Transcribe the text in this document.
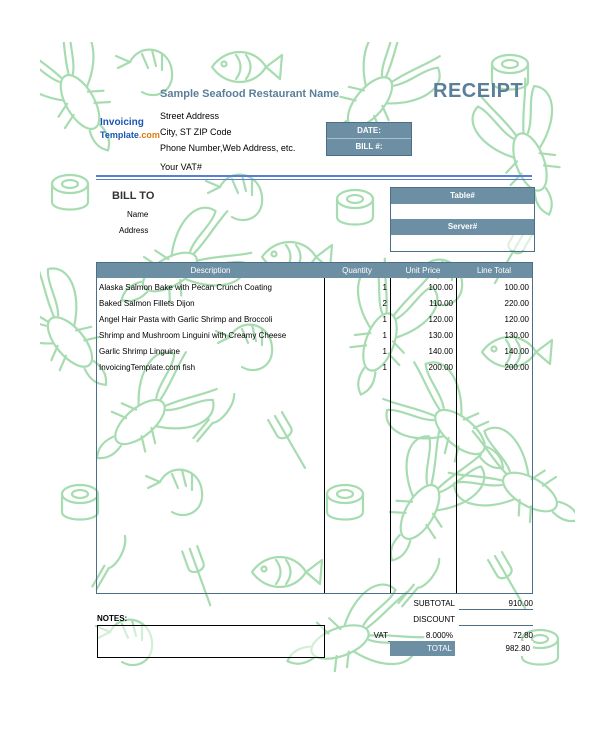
Sample Seafood Restaurant Name	RECEIPT
Invoicing
Template.com
Street Address
City, ST ZIP Code
Phone Number,Web Address, etc.
Your VAT#
DATE:
BILL #:
BILL TO
Name
Address
Table#
Server#
Description	Quantity	Unit Price	Line Total
Alaska Salmon Bake with Pecan Crunch Coating	1	100.00	100.00
Baked Salmon Fillets Dijon	2	110.00	220.00
Angel Hair Pasta with Garlic Shrimp and Broccoli	1	120.00	120.00
Shrimp and Mushroom Linguini with Creamy Cheese	1	130.00	130.00
Garlic Shrimp Linguine	1	140.00	140.00
InvoicingTemplate.com fish	1	200.00	200.00
SUBTOTAL	910.00
DISCOUNT
VAT	8.000%	72.80
TOTAL	982.80
NOTES:
